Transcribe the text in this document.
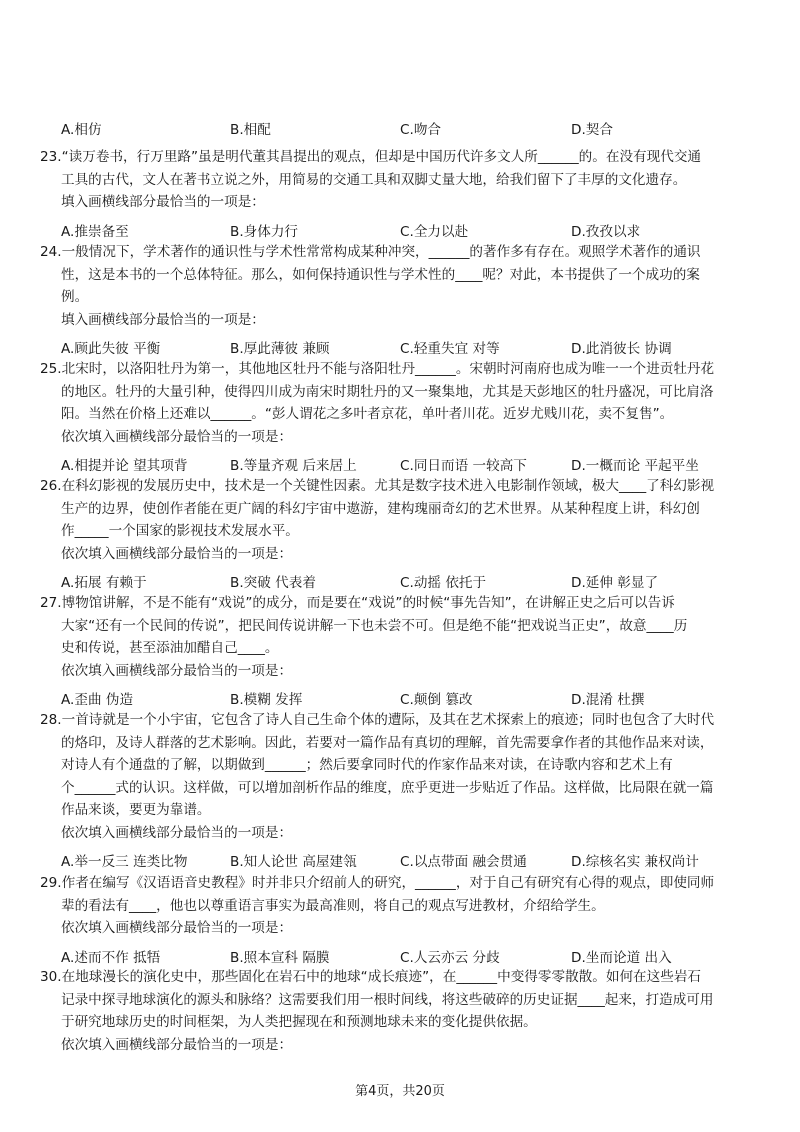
A.相仿	B.相配	C.吻合	D.契合
23.“读万卷书，行万里路”虽是明代董其昌提出的观点，但却是中国历代许多文人所______的。在没有现代交通
工具的古代，文人在著书立说之外，用简易的交通工具和双脚丈量大地，给我们留下了丰厚的文化遗存。
填入画横线部分最恰当的一项是：
A.推崇备至	B.身体力行	C.全力以赴	D.孜孜以求
24.一般情况下，学术著作的通识性与学术性常常构成某种冲突，______的著作多有存在。观照学术著作的通识
性，这是本书的一个总体特征。那么，如何保持通识性与学术性的____呢？对此，本书提供了一个成功的案
例。
填入画横线部分最恰当的一项是：
A.顾此失彼 平衡	B.厚此薄彼 兼顾	C.轻重失宜 对等	D.此消彼长 协调
25.北宋时，以洛阳牡丹为第一，其他地区牡丹不能与洛阳牡丹______。宋朝时河南府也成为唯一一个进贡牡丹花
的地区。牡丹的大量引种，使得四川成为南宋时期牡丹的又一聚集地，尤其是天彭地区的牡丹盛况，可比肩洛
阳。当然在价格上还难以______。“彭人谓花之多叶者京花，单叶者川花。近岁尤贱川花，卖不复售”。
依次填入画横线部分最恰当的一项是：
A.相提并论 望其项背	B.等量齐观 后来居上	C.同日而语 一较高下	D.一概而论 平起平坐
26.在科幻影视的发展历史中，技术是一个关键性因素。尤其是数字技术进入电影制作领域，极大____了科幻影视
生产的边界，使创作者能在更广阔的科幻宇宙中遨游，建构瑰丽奇幻的艺术世界。从某种程度上讲，科幻创
作_____一个国家的影视技术发展水平。
依次填入画横线部分最恰当的一项是：
A.拓展 有赖于	B.突破 代表着	C.动摇 依托于	D.延伸 彰显了
27.博物馆讲解，不是不能有“戏说”的成分，而是要在“戏说”的时候“事先告知”，在讲解正史之后可以告诉
大家“还有一个民间的传说”，把民间传说讲解一下也未尝不可。但是绝不能“把戏说当正史”，故意____历
史和传说，甚至添油加醋自己____。
依次填入画横线部分最恰当的一项是：
A.歪曲 伪造	B.模糊 发挥	C.颠倒 篡改	D.混淆 杜撰
28.一首诗就是一个小宇宙，它包含了诗人自己生命个体的遭际，及其在艺术探索上的痕迹；同时也包含了大时代
的烙印，及诗人群落的艺术影响。因此，若要对一篇作品有真切的理解，首先需要拿作者的其他作品来对读，
对诗人有个通盘的了解，以期做到______；然后要拿同时代的作家作品来对读，在诗歌内容和艺术上有
个______式的认识。这样做，可以增加剖析作品的维度，庶乎更进一步贴近了作品。这样做，比局限在就一篇
作品来谈，要更为靠谱。
依次填入画横线部分最恰当的一项是：
A.举一反三 连类比物	B.知人论世 高屋建瓴	C.以点带面 融会贯通	D.综核名实 兼权尚计
29.作者在编写《汉语语音史教程》时并非只介绍前人的研究，______，对于自己有研究有心得的观点，即使同师
辈的看法有____，他也以尊重语言事实为最高准则，将自己的观点写进教材，介绍给学生。
依次填入画横线部分最恰当的一项是：
A.述而不作 抵牾	B.照本宣科 隔膜	C.人云亦云 分歧	D.坐而论道 出入
30.在地球漫长的演化史中，那些固化在岩石中的地球“成长痕迹”，在______中变得零零散散。如何在这些岩石
记录中探寻地球演化的源头和脉络？这需要我们用一根时间线，将这些破碎的历史证据____起来，打造成可用
于研究地球历史的时间框架，为人类把握现在和预测地球未来的变化提供依据。
依次填入画横线部分最恰当的一项是：
第4页，共20页
